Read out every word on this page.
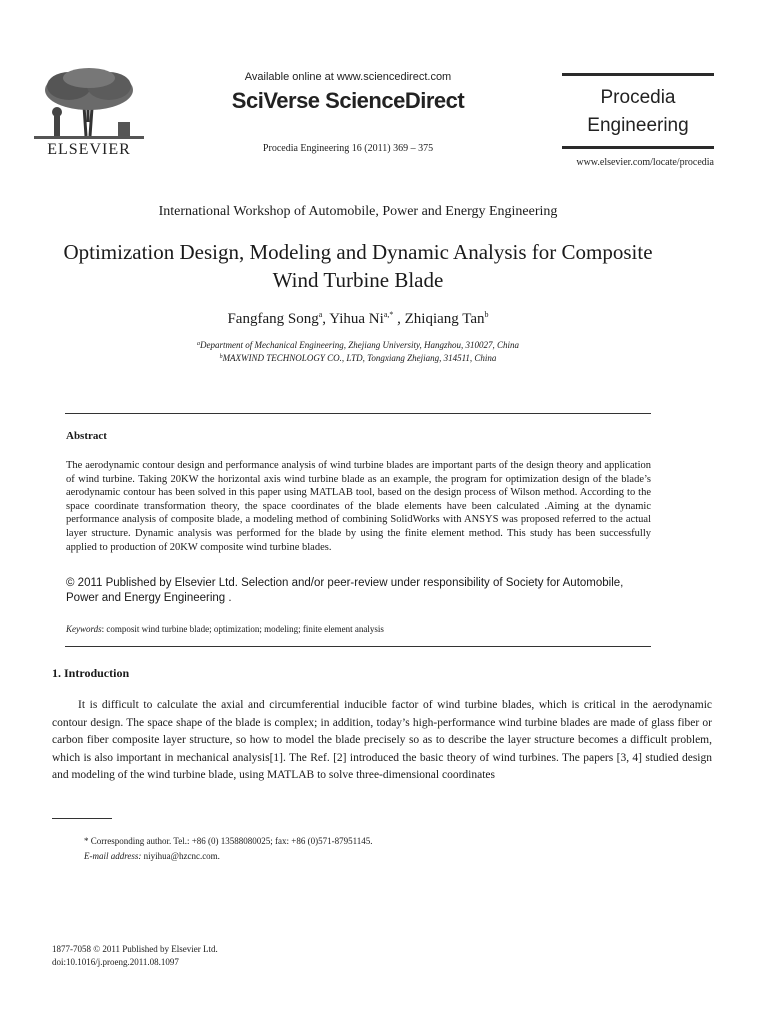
ELSEVIER
Available online at www.sciencedirect.com
SciVerse ScienceDirect
Procedia Engineering 16 (2011) 369 – 375
Procedia
Engineering
www.elsevier.com/locate/procedia
International Workshop of Automobile, Power and Energy Engineering
Optimization Design, Modeling and Dynamic Analysis for Composite Wind Turbine Blade
Fangfang Song$^a$, Yihua $Ni^{a,*}$ , Zhiqiang Tan$^b$
$^a$Department of Mechanical Engineering, Zhejiang University, Hangzhou, 310027, China
$^b$MAXWIND TECHNOLOGY CO., LTD, Tongxiang Zhejiang, 314511, China
Abstract
The aerodynamic contour design and performance analysis of wind turbine blades are important parts of the design theory and application of wind turbine. Taking 20KW the horizontal axis wind turbine blade as an example, the program for optimization design of the blade’s aerodynamic contour has been solved in this paper using MATLAB tool, based on the design process of Wilson method. According to the space coordinate transformation theory, the space coordinates of the blade elements have been calculated .Aiming at the dynamic performance analysis of composite blade, a modeling method of combining SolidWorks with ANSYS was proposed referred to the actual layer structure. Dynamic analysis was performed for the blade by using the finite element method. This study has been successfully applied to production of 20KW composite wind turbine blades.
© 2011 Published by Elsevier Ltd. Selection and/or peer-review under responsibility of Society for Automobile, Power and Energy Engineering .
Keywords: composit wind turbine blade; optimization; modeling; finite element analysis
1. Introduction
It is difficult to calculate the axial and circumferential inducible factor of wind turbine blades, which is critical in the aerodynamic contour design. The space shape of the blade is complex; in addition, today’s high-performance wind turbine blades are made of glass fiber or carbon fiber composite layer structure, so how to model the blade precisely so as to describe the layer structure becomes a difficult problem, which is also important in mechanical analysis[1]. The Ref. [2] introduced the basic theory of wind turbines. The papers [3, 4] studied design and modeling of the wind turbine blade, using MATLAB to solve three-dimensional coordinates
* Corresponding author. Tel.: +86 (0) 13588080025; fax: +86 (0)571-87951145.
E-mail address: niyihua@hzcnc.com.
1877-7058 © 2011 Published by Elsevier Ltd.
doi:10.1016/j.proeng.2011.08.1097
